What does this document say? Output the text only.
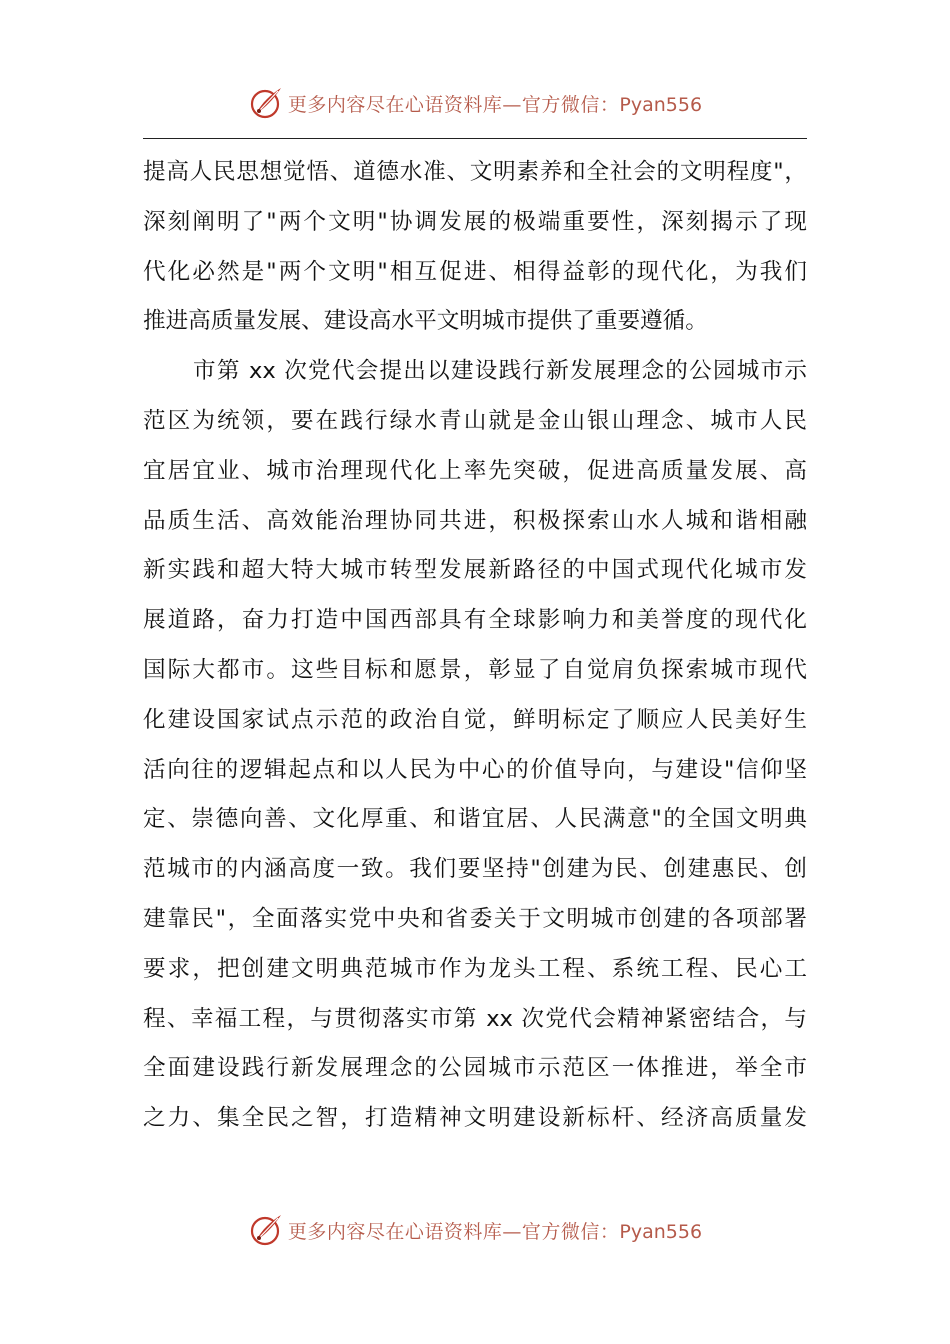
更多内容尽在心语资料库—官方微信：Pyan556
提高人民思想觉悟、道德水准、文明素养和全社会的文明程度"，
深刻阐明了"两个文明"协调发展的极端重要性，深刻揭示了现
代化必然是"两个文明"相互促进、相得益彰的现代化，为我们
推进高质量发展、建设高水平文明城市提供了重要遵循。
市第 xx 次党代会提出以建设践行新发展理念的公园城市示
范区为统领，要在践行绿水青山就是金山银山理念、城市人民
宜居宜业、城市治理现代化上率先突破，促进高质量发展、高
品质生活、高效能治理协同共进，积极探索山水人城和谐相融
新实践和超大特大城市转型发展新路径的中国式现代化城市发
展道路，奋力打造中国西部具有全球影响力和美誉度的现代化
国际大都市。这些目标和愿景，彰显了自觉肩负探索城市现代
化建设国家试点示范的政治自觉，鲜明标定了顺应人民美好生
活向往的逻辑起点和以人民为中心的价值导向，与建设"信仰坚
定、崇德向善、文化厚重、和谐宜居、人民满意"的全国文明典
范城市的内涵高度一致。我们要坚持"创建为民、创建惠民、创
建靠民"，全面落实党中央和省委关于文明城市创建的各项部署
要求，把创建文明典范城市作为龙头工程、系统工程、民心工
程、幸福工程，与贯彻落实市第 xx 次党代会精神紧密结合，与
全面建设践行新发展理念的公园城市示范区一体推进，举全市
之力、集全民之智，打造精神文明建设新标杆、经济高质量发
更多内容尽在心语资料库—官方微信：Pyan556
